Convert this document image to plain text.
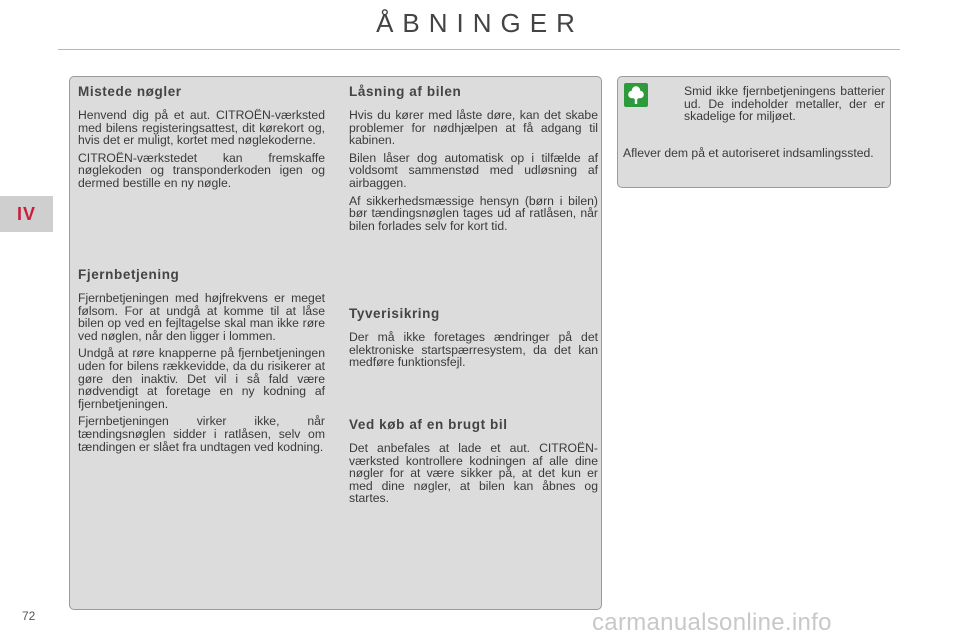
ÅBNINGER
IV
Mistede nøgler

Henvend dig på et aut. CITROËN-værksted med bilens registeringsattest, dit kørekort og, hvis det er muligt, kortet med nøglekoderne.

CITROËN-værkstedet kan fremskaffe nøglekoden og transponderkoden igen og dermed bestille en ny nøgle.

Fjernbetjening

Fjernbetjeningen med højfrekvens er meget følsom. For at undgå at komme til at låse bilen op ved en fejltagelse skal man ikke røre ved nøglen, når den ligger i lommen.

Undgå at røre knapperne på fjernbetjeningen uden for bilens rækkevidde, da du risikerer at gøre den inaktiv. Det vil i så fald være nødvendigt at foretage en ny kodning af fjernbetjeningen.

Fjernbetjeningen virker ikke, når tændingsnøglen sidder i ratlåsen, selv om tændingen er slået fra undtagen ved kodning.

Låsning af bilen

Hvis du kører med låste døre, kan det skabe problemer for nødhjælpen at få adgang til kabinen.

Bilen låser dog automatisk op i tilfælde af voldsomt sammenstød med udløsning af airbaggen.

Af sikkerhedsmæssige hensyn (børn i bilen) bør tændingsnøglen tages ud af ratlåsen, når bilen forlades selv for kort tid.

Tyverisikring

Der må ikke foretages ændringer på det elektroniske startspærresystem, da det kan medføre funktionsfejl.

Ved køb af en brugt bil

Det anbefales at lade et aut. CITROËN-værksted kontrollere kodningen af alle dine nøgler for at være sikker på, at det kun er med dine nøgler, at bilen kan åbnes og startes.

Smid ikke fjernbetjeningens batterier ud. De indeholder metaller, der er skadelige for miljøet.

Aflever dem på et autoriseret indsamlingssted.

72	carmanualsonline.info
